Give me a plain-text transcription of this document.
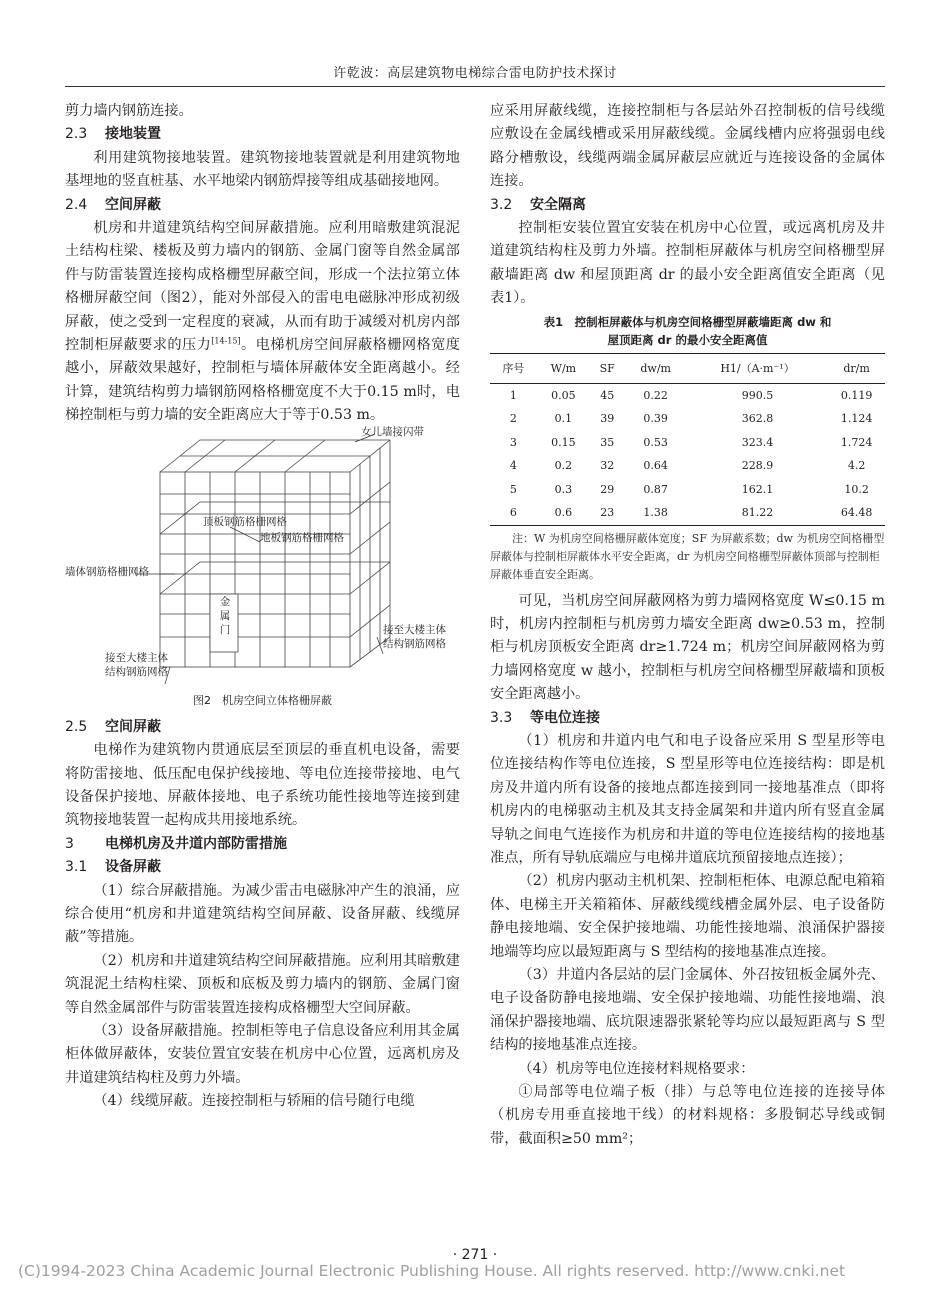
许乾波：高层建筑物电梯综合雷电防护技术探讨

剪力墙内钢筋连接。

2.3 接地装置

利用建筑物接地装置。建筑物接地装置就是利用建筑物地基埋地的竖直桩基、水平地梁内钢筋焊接等组成基础接地网。

2.4 空间屏蔽

机房和井道建筑结构空间屏蔽措施。应利用暗敷建筑混泥土结构柱梁、楼板及剪力墙内的钢筋、金属门窗等自然金属部件与防雷装置连接构成格栅型屏蔽空间，形成一个法拉第立体格栅屏蔽空间（图2），能对外部侵入的雷电电磁脉冲形成初级屏蔽，使之受到一定程度的衰减，从而有助于减缓对机房内部控制柜屏蔽要求的压力[14-15]。电梯机房空间屏蔽格栅网格宽度越小，屏蔽效果越好，控制柜与墙体屏蔽体安全距离越小。经计算，建筑结构剪力墙钢筋网格格栅宽度不大于0.15 m时，电梯控制柜与剪力墙的安全距离应大于等于0.53 m。

女儿墙接闪带
顶板钢筋格栅网格
地板钢筋格栅网格
墙体钢筋格栅网格
金属门
接至大楼主体
结构钢筋网格
接至大楼主体
结构钢筋网格
图2　机房空间立体格栅屏蔽
2.5 空间屏蔽

电梯作为建筑物内贯通底层至顶层的垂直机电设备，需要将防雷接地、低压配电保护线接地、等电位连接带接地、电气设备保护接地、屏蔽体接地、电子系统功能性接地等连接到建筑物接地装置一起构成共用接地系统。

3 电梯机房及井道内部防雷措施
3.1 设备屏蔽

（1）综合屏蔽措施。为减少雷击电磁脉冲产生的浪涌，应综合使用“机房和井道建筑结构空间屏蔽、设备屏蔽、线缆屏蔽”等措施。

（2）机房和井道建筑结构空间屏蔽措施。应利用其暗敷建筑混泥土结构柱梁、顶板和底板及剪力墙内的钢筋、金属门窗等自然金属部件与防雷装置连接构成格栅型大空间屏蔽。

（3）设备屏蔽措施。控制柜等电子信息设备应利用其金属柜体做屏蔽体，安装位置宜安装在机房中心位置，远离机房及井道建筑结构柱及剪力外墙。

（4）线缆屏蔽。连接控制柜与轿厢的信号随行电缆

应采用屏蔽线缆，连接控制柜与各层站外召控制板的信号线缆应敷设在金属线槽或采用屏蔽线缆。金属线槽内应将强弱电线路分槽敷设，线缆两端金属屏蔽层应就近与连接设备的金属体连接。

3.2 安全隔离

控制柜安装位置宜安装在机房中心位置，或远离机房及井道建筑结构柱及剪力外墙。控制柜屏蔽体与机房空间格栅型屏蔽墙距离 dw 和屋顶距离 dr 的最小安全距离值安全距离（见表1）。

表1　控制柜屏蔽体与机房空间格栅型屏蔽墙距离 dw 和
屋顶距离 dr 的最小安全距离值
序号	W/m	SF	dw/m	H1/（A·m⁻¹）	dr/m
1	0.05	45	0.22	990.5	0.119
2	0.1	39	0.39	362.8	1.124
3	0.15	35	0.53	323.4	1.724
4	0.2	32	0.64	228.9	4.2
5	0.3	29	0.87	162.1	10.2
6	0.6	23	1.38	81.22	64.48
注：W 为机房空间格栅屏蔽体宽度；SF 为屏蔽系数；dw 为机房空间格栅型屏蔽体与控制柜屏蔽体水平安全距离，dr 为机房空间格栅型屏蔽体顶部与控制柜屏蔽体垂直安全距离。

可见，当机房空间屏蔽网格为剪力墙网格宽度 W≤0.15 m 时，机房内控制柜与机房剪力墙安全距离 dw≥0.53 m，控制柜与机房顶板安全距离 dr≥1.724 m；机房空间屏蔽网格为剪力墙网格宽度 w 越小，控制柜与机房空间格栅型屏蔽墙和顶板安全距离越小。

3.3 等电位连接

（1）机房和井道内电气和电子设备应采用 S 型星形等电位连接结构作等电位连接，S 型星形等电位连接结构：即是机房及井道内所有设备的接地点都连接到同一接地基准点（即将机房内的电梯驱动主机及其支持金属架和井道内所有竖直金属导轨之间电气连接作为机房和井道的等电位连接结构的接地基准点，所有导轨底端应与电梯井道底坑预留接地点连接）；

（2）机房内驱动主机机架、控制柜柜体、电源总配电箱箱体、电梯主开关箱箱体、屏蔽线缆线槽金属外层、电子设备防静电接地端、安全保护接地端、功能性接地端、浪涌保护器接地端等均应以最短距离与 S 型结构的接地基准点连接。

（3）井道内各层站的层门金属体、外召按钮板金属外壳、电子设备防静电接地端、安全保护接地端、功能性接地端、浪涌保护器接地端、底坑限速器张紧轮等均应以最短距离与 S 型结构的接地基准点连接。

（4）机房等电位连接材料规格要求：

①局部等电位端子板（排）与总等电位连接的连接导体（机房专用垂直接地干线）的材料规格：多股铜芯导线或铜带，截面积≥50 mm²；

· 271 ·
(C)1994-2023 China Academic Journal Electronic Publishing House. All rights reserved. http://www.cnki.net
